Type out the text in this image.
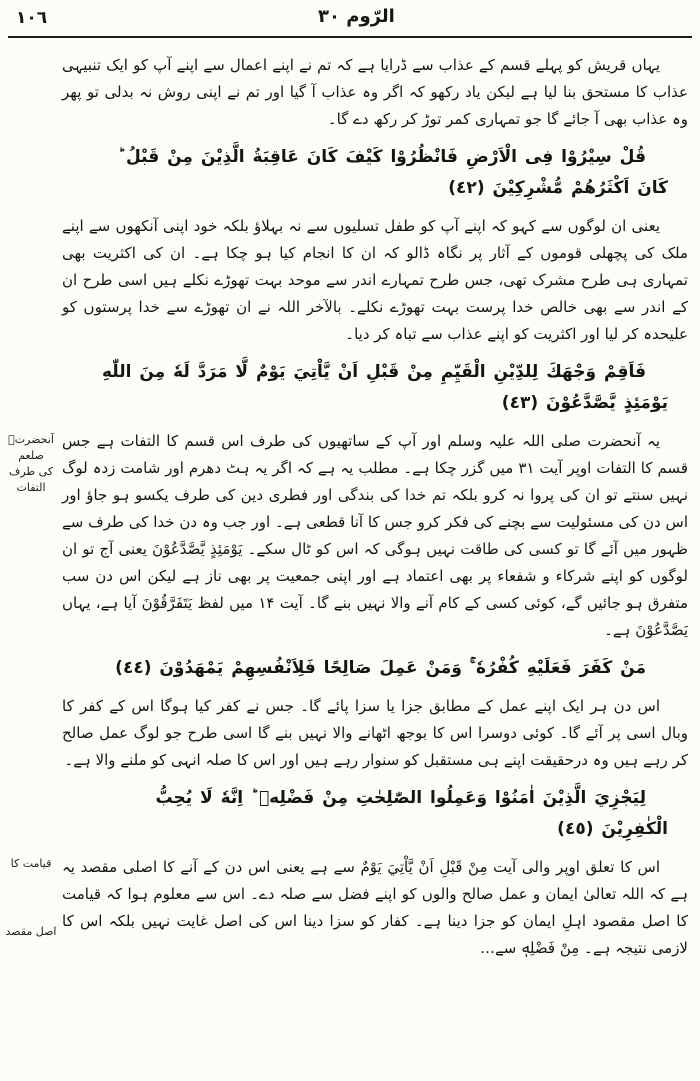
١٠٦	الرّوم ٣٠

یہاں قریش کو پہلے قسم کے عذاب سے ڈرایا ہے کہ تم نے اپنے اعمال سے اپنے آپ کو ایک تنبیہی عذاب کا مستحق بنا لیا ہے لیکن یاد رکھو کہ اگر وہ عذاب آ گیا اور تم نے اپنی روش نہ بدلی تو پھر وہ عذاب بھی آ جائے گا جو تمہاری کمر توڑ کر رکھ دے گا۔

قُلْ سِيْرُوْا فِى الْاَرْضِ فَانْظُرُوْا كَيْفَ كَانَ عَاقِبَةُ الَّذِيْنَ مِنْ قَبْلُ ؕ كَانَ اَكْثَرُهُمْ مُّشْرِكِيْنَ (٤٢)

یعنی ان لوگوں سے کہو کہ اپنے آپ کو طفل تسلیوں سے نہ بہلاؤ بلکہ خود اپنی آنکھوں سے اپنے ملک کی پچھلی قوموں کے آثار پر نگاہ ڈالو کہ ان کا انجام کیا ہو چکا ہے۔ ان کی اکثریت بھی تمہاری ہی طرح مشرک تھی، جس طرح تمہارے اندر سے موحد بہت تھوڑے نکلے ہیں اسی طرح ان کے اندر سے بھی خالص خدا پرست بہت تھوڑے نکلے۔ بالآخر اللہ نے ان تھوڑے سے خدا پرستوں کو علیحدہ کر لیا اور اکثریت کو اپنے عذاب سے تباہ کر دیا۔

فَاَقِمْ وَجْهَكَ لِلدِّيْنِ الْقَيِّمِ مِنْ قَبْلِ اَنْ يَّاْتِيَ يَوْمٌ لَّا مَرَدَّ لَهٗ مِنَ اللّٰهِ يَوْمَئِذٍ يَّصَّدَّعُوْنَ (٤٣)

آنحضرتؐ صلعم
کی طرف التفات

یہ آنحضرت صلی اللہ علیہ وسلم اور آپ کے ساتھیوں کی طرف اس قسم کا التفات ہے جس قسم کا التفات اوپر آیت ۳۱ میں گزر چکا ہے۔ مطلب یہ ہے کہ اگر یہ ہٹ دھرم اور شامت زدہ لوگ نہیں سنتے تو ان کی پروا نہ کرو بلکہ تم خدا کی بندگی اور فطری دین کی طرف یکسو ہو جاؤ اور اس دن کی مسئولیت سے بچنے کی فکر کرو جس کا آنا قطعی ہے۔ اور جب وہ دن خدا کی طرف سے ظہور میں آئے گا تو کسی کی طاقت نہیں ہوگی کہ اس کو ٹال سکے۔ يَوْمَئِذٍ يَّصَّدَّعُوْنَ یعنی آج تو ان لوگوں کو اپنے شرکاء و شفعاء پر بھی اعتماد ہے اور اپنی جمعیت پر بھی ناز ہے لیکن اس دن سب متفرق ہو جائیں گے، کوئی کسی کے کام آنے والا نہیں بنے گا۔ آیت ۱۴ میں لفظ يَتَفَرَّقُوْنَ آیا ہے، یہاں يَصَّدَّعُوْنَ ہے۔

مَنْ كَفَرَ فَعَلَيْهِ كُفْرُهٗ ۚ وَمَنْ عَمِلَ صَالِحًا فَلِاَنْفُسِهِمْ يَمْهَدُوْنَ (٤٤)

اس دن ہر ایک اپنے عمل کے مطابق جزا یا سزا پائے گا۔ جس نے کفر کیا ہوگا اس کے کفر کا وبال اسی پر آئے گا۔ کوئی دوسرا اس کا بوجھ اٹھانے والا نہیں بنے گا اسی طرح جو لوگ عمل صالح کر رہے ہیں وہ درحقیقت اپنے ہی مستقبل کو سنوار رہے ہیں اور اس کا صلہ انہی کو ملنے والا ہے۔

لِيَجْزِيَ الَّذِيْنَ اٰمَنُوْا وَعَمِلُوا الصّٰلِحٰتِ مِنْ فَضْلِهٖ ؕ اِنَّهٗ لَا يُحِبُّ الْكٰفِرِيْنَ (٤٥)

قیامت کا
اصل مقصد

اس کا تعلق اوپر والی آیت مِنْ قَبْلِ اَنْ يَّاْتِيَ يَوْمٌ سے ہے یعنی اس دن کے آنے کا اصلی مقصد یہ ہے کہ اللہ تعالیٰ ایمان و عمل صالح والوں کو اپنے فضل سے صلہ دے۔ اس سے معلوم ہوا کہ قیامت کا اصل مقصود اہلِ ایمان کو جزا دینا ہے۔ کفار کو سزا دینا اس کی اصل غایت نہیں بلکہ اس کا لازمی نتیجہ ہے۔ مِنْ فَضْلِهٖ سے…
